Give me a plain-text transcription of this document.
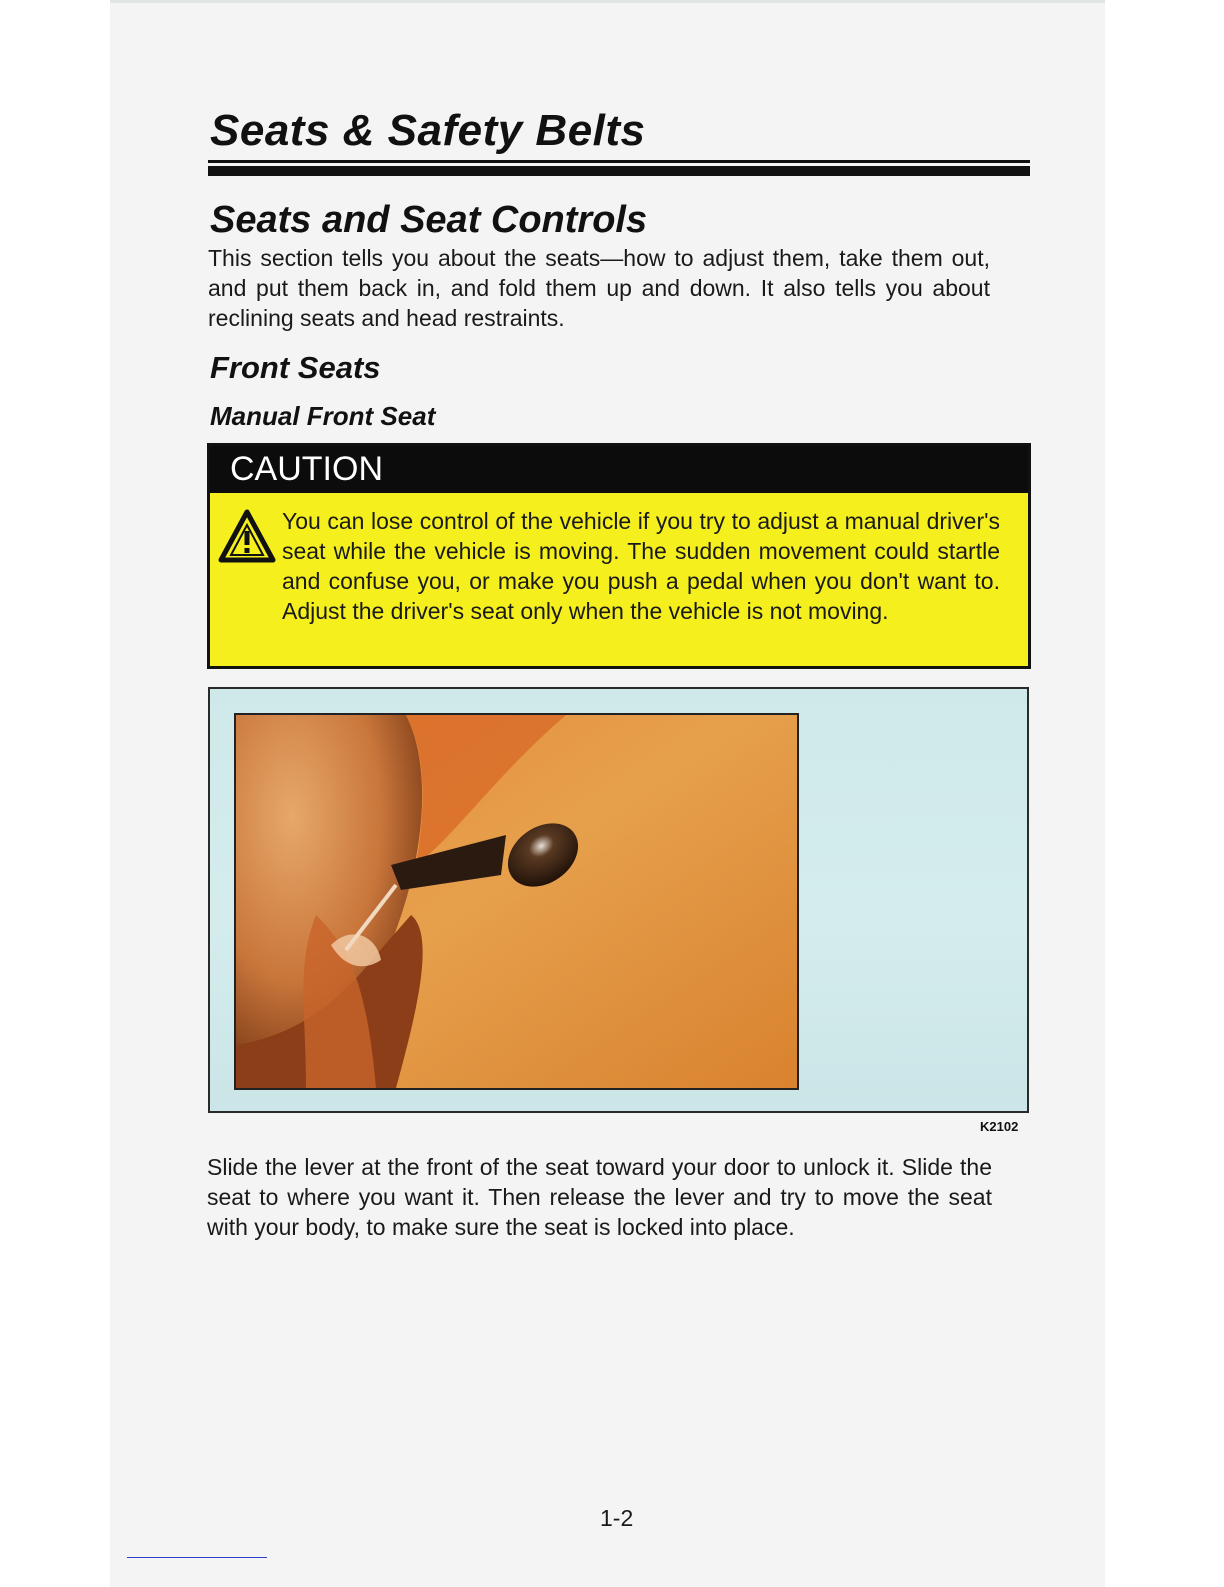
Seats & Safety Belts
Seats and Seat Controls

This section tells you about the seats—how to adjust them, take them out, and put them back in, and fold them up and down. It also tells you about reclining seats and head restraints.

Front Seats
Manual Front Seat
CAUTION

You can lose control of the vehicle if you try to adjust a manual driver's seat while the vehicle is moving. The sudden movement could startle and confuse you, or make you push a pedal when you don't want to. Adjust the driver's seat only when the vehicle is not moving.

K2102

Slide the lever at the front of the seat toward your door to unlock it. Slide the seat to where you want it. Then release the lever and try to move the seat with your body, to make sure the seat is locked into place.

1-2
